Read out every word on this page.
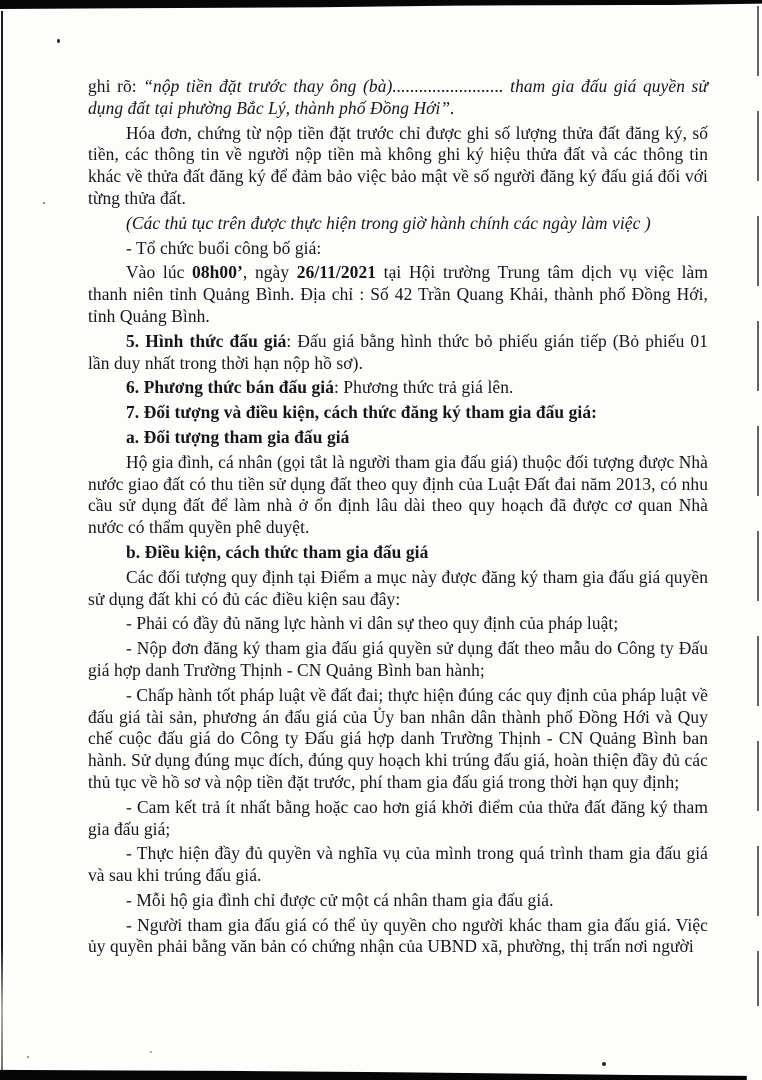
ghi rõ: “nộp tiền đặt trước thay ông (bà)......................... tham gia đấu giá quyền sử dụng đất tại phường Bắc Lý, thành phố Đồng Hới”.

Hóa đơn, chứng từ nộp tiền đặt trước chỉ được ghi số lượng thửa đất đăng ký, số tiền, các thông tin về người nộp tiền mà không ghi ký hiệu thửa đất và các thông tin khác về thửa đất đăng ký để đảm bảo việc bảo mật về số người đăng ký đấu giá đối với từng thửa đất.

(Các thủ tục trên được thực hiện trong giờ hành chính các ngày làm việc )

- Tổ chức buổi công bố giá:

Vào lúc 08h00’, ngày 26/11/2021 tại Hội trường Trung tâm dịch vụ việc làm thanh niên tỉnh Quảng Bình. Địa chỉ : Số 42 Trần Quang Khải, thành phố Đồng Hới, tỉnh Quảng Bình.

5. Hình thức đấu giá: Đấu giá bằng hình thức bỏ phiếu gián tiếp (Bỏ phiếu 01 lần duy nhất trong thời hạn nộp hồ sơ).

6. Phương thức bán đấu giá: Phương thức trả giá lên.

7. Đối tượng và điều kiện, cách thức đăng ký tham gia đấu giá:

a. Đối tượng tham gia đấu giá

Hộ gia đình, cá nhân (gọi tắt là người tham gia đấu giá) thuộc đối tượng được Nhà nước giao đất có thu tiền sử dụng đất theo quy định của Luật Đất đai năm 2013, có nhu cầu sử dụng đất để làm nhà ở ổn định lâu dài theo quy hoạch đã được cơ quan Nhà nước có thẩm quyền phê duyệt.

b. Điều kiện, cách thức tham gia đấu giá

Các đối tượng quy định tại Điểm a mục này được đăng ký tham gia đấu giá quyền sử dụng đất khi có đủ các điều kiện sau đây:

- Phải có đầy đủ năng lực hành vi dân sự theo quy định của pháp luật;

- Nộp đơn đăng ký tham gia đấu giá quyền sử dụng đất theo mẫu do Công ty Đấu giá hợp danh Trường Thịnh - CN Quảng Bình ban hành;

- Chấp hành tốt pháp luật về đất đai; thực hiện đúng các quy định của pháp luật về đấu giá tài sản, phương án đấu giá của Ủy ban nhân dân thành phố Đồng Hới và Quy chế cuộc đấu giá do Công ty Đấu giá hợp danh Trường Thịnh - CN Quảng Bình ban hành. Sử dụng đúng mục đích, đúng quy hoạch khi trúng đấu giá, hoàn thiện đầy đủ các thủ tục về hồ sơ và nộp tiền đặt trước, phí tham gia đấu giá trong thời hạn quy định;

- Cam kết trả ít nhất bằng hoặc cao hơn giá khởi điểm của thửa đất đăng ký tham gia đấu giá;

- Thực hiện đầy đủ quyền và nghĩa vụ của mình trong quá trình tham gia đấu giá và sau khi trúng đấu giá.

- Mỗi hộ gia đình chỉ được cử một cá nhân tham gia đấu giá.

- Người tham gia đấu giá có thể ủy quyền cho người khác tham gia đấu giá. Việc ủy quyền phải bằng văn bản có chứng nhận của UBND xã, phường, thị trấn nơi người
